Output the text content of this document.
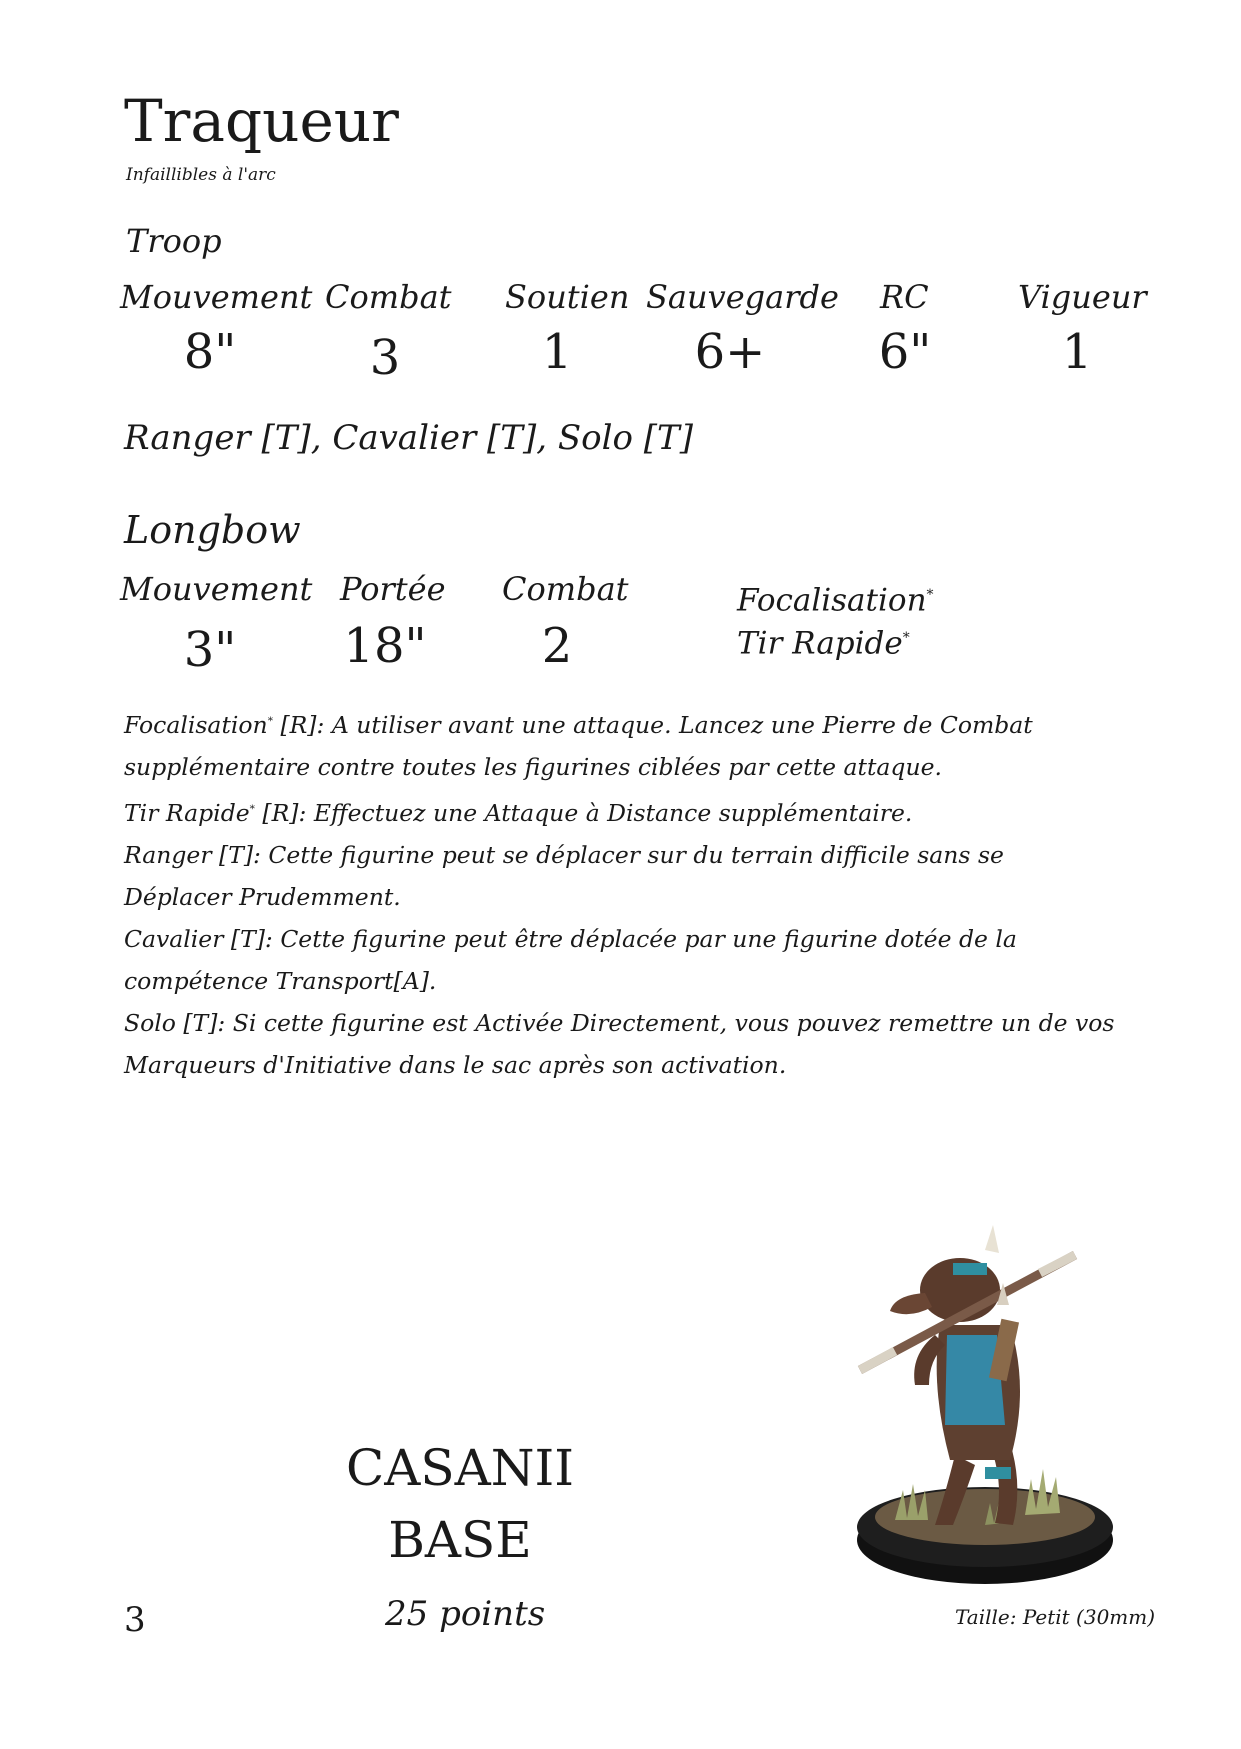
Traqueur
Infaillibles à l'arc
Troop
Mouvement Combat Soutien Sauvegarde RC	Vigueur
8"	3	1	6+	6"	1
Ranger [T], Cavalier [T], Solo [T]
Longbow
Mouvement Portée Combat
3"	18"	2
Focalisation*
Tir Rapide*
Focalisation* [R]: A utiliser avant une attaque. Lancez une Pierre de Combat
supplémentaire contre toutes les figurines ciblées par cette attaque.
Tir Rapide* [R]: Effectuez une Attaque à Distance supplémentaire.
Ranger [T]: Cette figurine peut se déplacer sur du terrain difficile sans se
Déplacer Prudemment.
Cavalier [T]: Cette figurine peut être déplacée par une figurine dotée de la
compétence Transport[A].
Solo [T]: Si cette figurine est Activée Directement, vous pouvez remettre un de vos
Marqueurs d'Initiative dans le sac après son activation.
CASANII
BASE
25 points
3	Taille: Petit (30mm)
